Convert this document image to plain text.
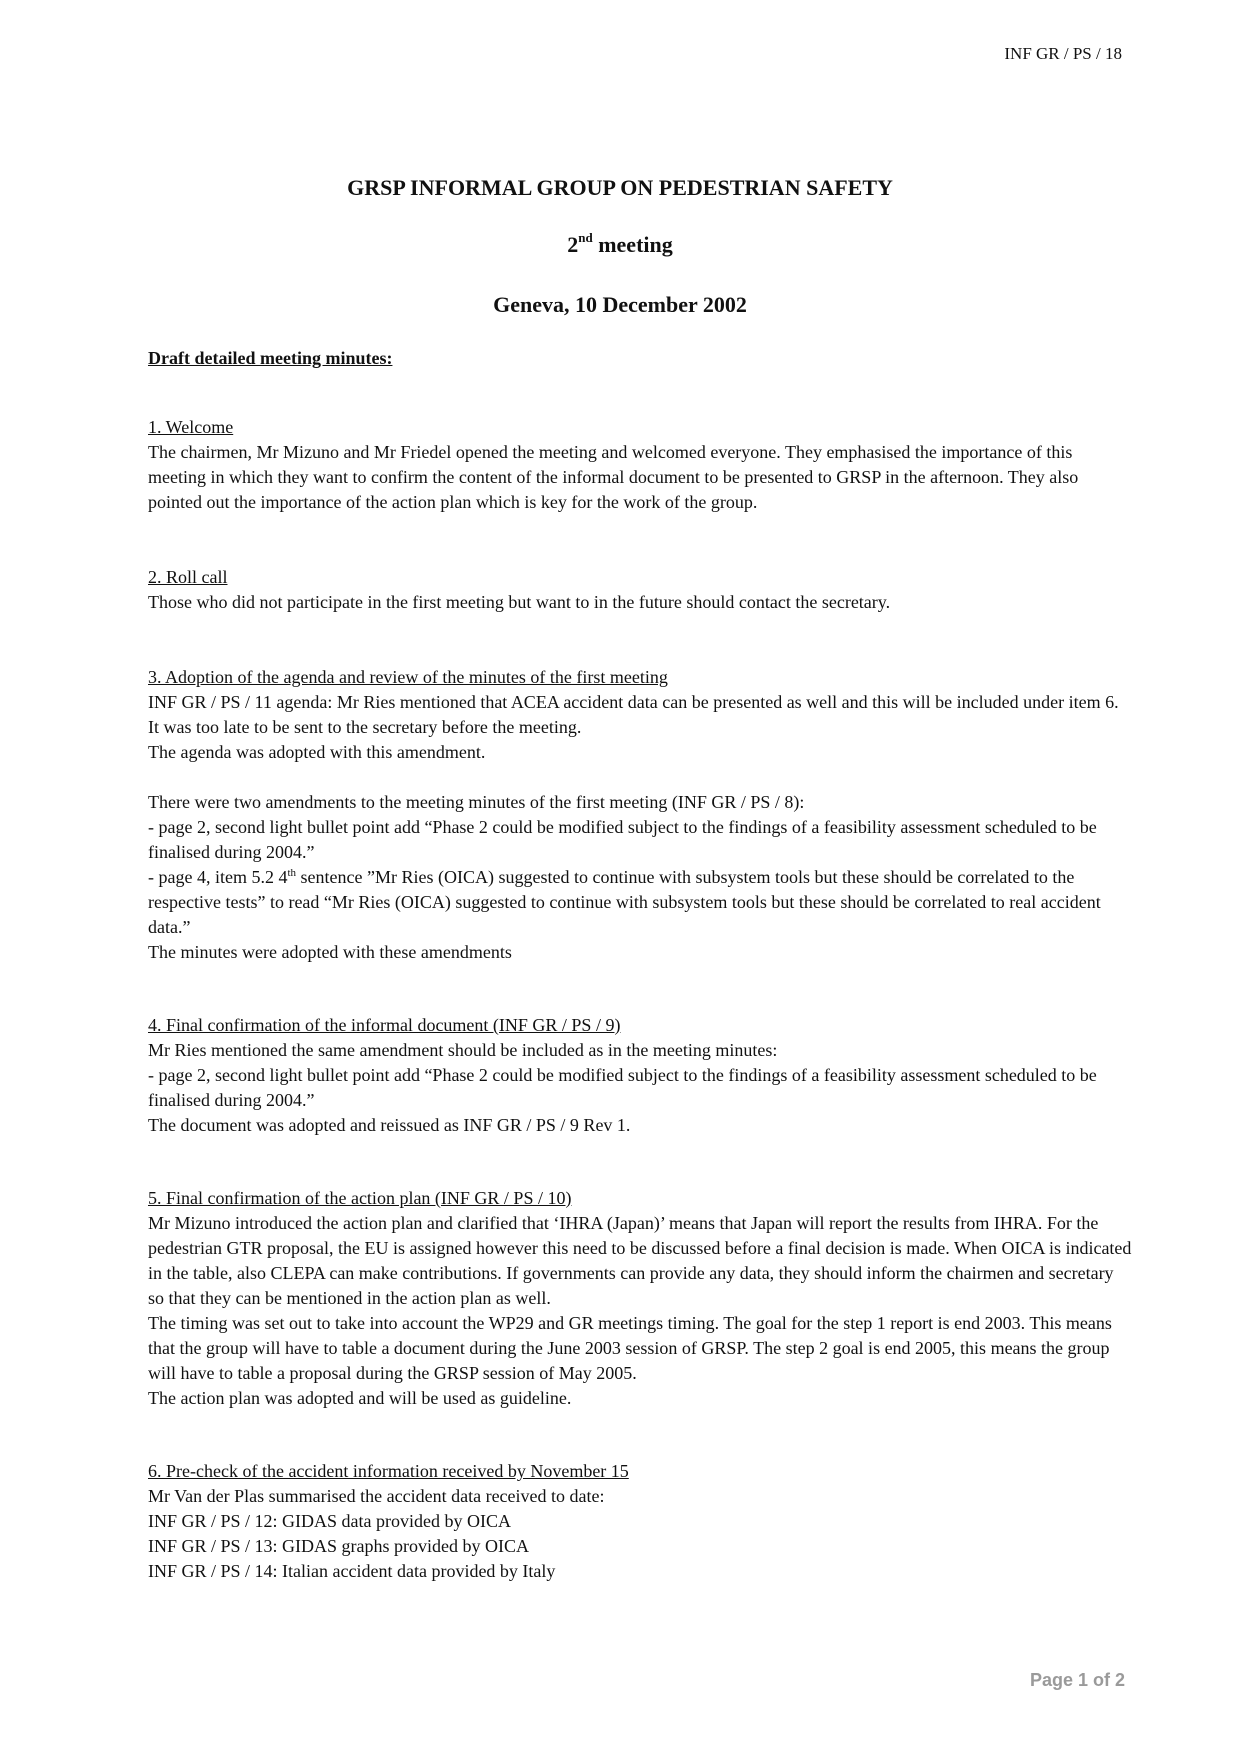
INF GR / PS / 18
GRSP INFORMAL GROUP ON PEDESTRIAN SAFETY
2nd meeting
Geneva, 10 December 2002
Draft detailed meeting minutes:
1. Welcome
The chairmen, Mr Mizuno and Mr Friedel opened the meeting and welcomed everyone. They emphasised the importance of this meeting in which they want to confirm the content of the informal document to be presented to GRSP in the afternoon. They also pointed out the importance of the action plan which is key for the work of the group.
2. Roll call
Those who did not participate in the first meeting but want to in the future should contact the secretary.
3. Adoption of the agenda and review of the minutes of the first meeting
INF GR / PS / 11 agenda: Mr Ries mentioned that ACEA accident data can be presented as well and this will be included under item 6. It was too late to be sent to the secretary before the meeting.
The agenda was adopted with this amendment.
There were two amendments to the meeting minutes of the first meeting (INF GR / PS / 8):
- page 2, second light bullet point add “Phase 2 could be modified subject to the findings of a feasibility assessment scheduled to be finalised during 2004.”
- page 4, item 5.2 4th sentence ”Mr Ries (OICA) suggested to continue with subsystem tools but these should be correlated to the respective tests” to read “Mr Ries (OICA) suggested to continue with subsystem tools but these should be correlated to real accident data.”
The minutes were adopted with these amendments
4. Final confirmation of the informal document (INF GR / PS / 9)
Mr Ries mentioned the same amendment should be included as in the meeting minutes:
- page 2, second light bullet point add “Phase 2 could be modified subject to the findings of a feasibility assessment scheduled to be finalised during 2004.”
The document was adopted and reissued as INF GR / PS / 9 Rev 1.
5. Final confirmation of the action plan (INF GR / PS / 10)
Mr Mizuno introduced the action plan and clarified that ‘IHRA (Japan)’ means that Japan will report the results from IHRA. For the pedestrian GTR proposal, the EU is assigned however this need to be discussed before a final decision is made. When OICA is indicated in the table, also CLEPA can make contributions. If governments can provide any data, they should inform the chairmen and secretary so that they can be mentioned in the action plan as well.
The timing was set out to take into account the WP29 and GR meetings timing. The goal for the step 1 report is end 2003. This means that the group will have to table a document during the June 2003 session of GRSP. The step 2 goal is end 2005, this means the group will have to table a proposal during the GRSP session of May 2005.
The action plan was adopted and will be used as guideline.
6. Pre-check of the accident information received by November 15
Mr Van der Plas summarised the accident data received to date:
INF GR / PS / 12: GIDAS data provided by OICA
INF GR / PS / 13: GIDAS graphs provided by OICA
INF GR / PS / 14: Italian accident data provided by Italy
Page 1 of 2
